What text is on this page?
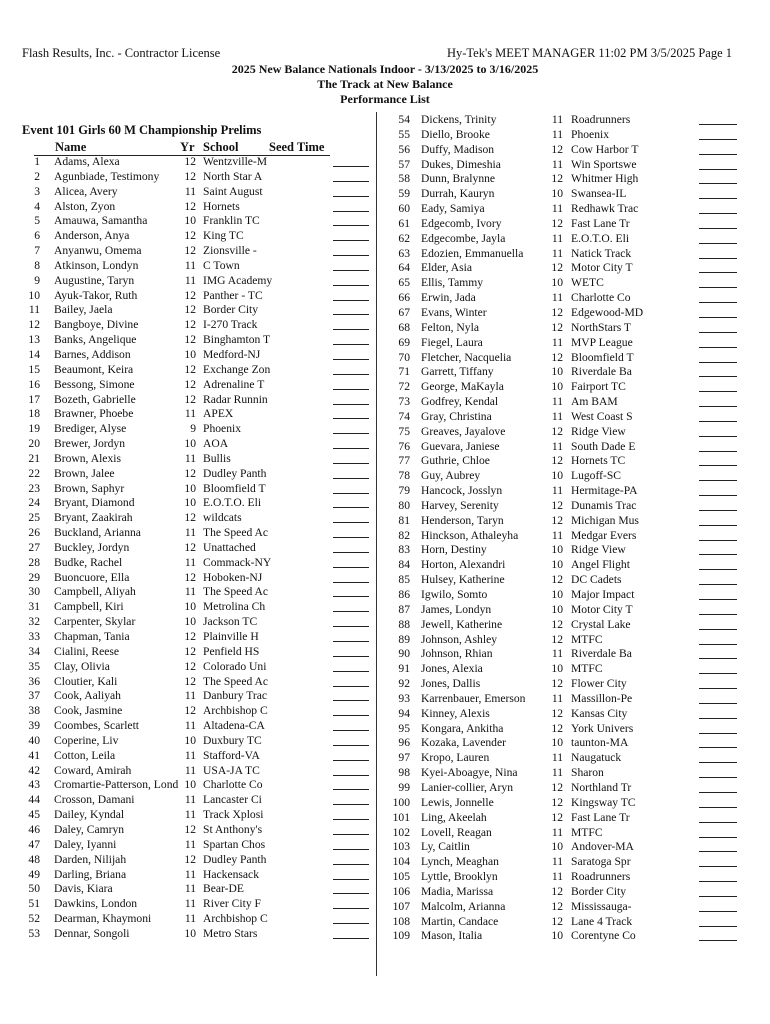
Flash Results, Inc. - Contractor License	Hy-Tek's MEET MANAGER 11:02 PM 3/5/2025 Page 1
2025 New Balance Nationals Indoor - 3/13/2025 to 3/16/2025
The Track at New Balance
Performance List
Event 101 Girls 60 M Championship Prelims
Name	Yr School Seed Time
1 Adams, Alexa	12 Wentzville-M
2 Agunbiade, Testimony	12 North Star A
3 Alicea, Avery	11 Saint August
4 Alston, Zyon	12 Hornets
5 Amauwa, Samantha	10 Franklin TC
6 Anderson, Anya	12 King TC
7 Anyanwu, Omema	12 Zionsville -
8 Atkinson, Londyn	11 C Town
9 Augustine, Taryn	11 IMG Academy
10 Ayuk-Takor, Ruth	12 Panther - TC
11 Bailey, Jaela	12 Border City
12 Bangboye, Divine	12 I-270 Track
13 Banks, Angelique	12 Binghamton T
14 Barnes, Addison	10 Medford-NJ
15 Beaumont, Keira	12 Exchange Zon
16 Bessong, Simone	12 Adrenaline T
17 Bozeth, Gabrielle	12 Radar Runnin
18 Brawner, Phoebe	11 APEX
19 Brediger, Alyse	9 Phoenix
20 Brewer, Jordyn	10 AOA
21 Brown, Alexis	11 Bullis
22 Brown, Jalee	12 Dudley Panth
23 Brown, Saphyr	10 Bloomfield T
24 Bryant, Diamond	10 E.O.T.O. Eli
25 Bryant, Zaakirah	12 wildcats
26 Buckland, Arianna	11 The Speed Ac
27 Buckley, Jordyn	12 Unattached
28 Budke, Rachel	11 Commack-NY
29 Buoncuore, Ella	12 Hoboken-NJ
30 Campbell, Aliyah	11 The Speed Ac
31 Campbell, Kiri	10 Metrolina Ch
32 Carpenter, Skylar	10 Jackson TC
33 Chapman, Tania	12 Plainville H
34 Cialini, Reese	12 Penfield HS
35 Clay, Olivia	12 Colorado Uni
36 Cloutier, Kali	12 The Speed Ac
37 Cook, Aaliyah	11 Danbury Trac
38 Cook, Jasmine	12 Archbishop C
39 Coombes, Scarlett	11 Altadena-CA
40 Coperine, Liv	10 Duxbury TC
41 Cotton, Leila	11 Stafford-VA
42 Coward, Amirah	11 USA-JA TC
43 Cromartie-Patterson, Lond 10 Charlotte Co
44 Crosson, Damani	11 Lancaster Ci
45 Dailey, Kyndal	11 Track Xplosi
46 Daley, Camryn	12 St Anthony's
47 Daley, Iyanni	11 Spartan Chos
48 Darden, Nilijah	12 Dudley Panth
49 Darling, Briana	11 Hackensack
50 Davis, Kiara	11 Bear-DE
51 Dawkins, London	11 River City F
52 Dearman, Khaymoni	11 Archbishop C
53 Dennar, Songoli	10 Metro Stars
54 Dickens, Trinity	11 Roadrunners
55 Diello, Brooke	11 Phoenix
56 Duffy, Madison	12 Cow Harbor T
57 Dukes, Dimeshia	11 Win Sportswe
58 Dunn, Bralynne	12 Whitmer High
59 Durrah, Kauryn	10 Swansea-IL
60 Eady, Samiya	11 Redhawk Trac
61 Edgecomb, Ivory	12 Fast Lane Tr
62 Edgecombe, Jayla	11 E.O.T.O. Eli
63 Edozien, Emmanuella	11 Natick Track
64 Elder, Asia	12 Motor City T
65 Ellis, Tammy	10 WETC
66 Erwin, Jada	11 Charlotte Co
67 Evans, Winter	12 Edgewood-MD
68 Felton, Nyla	12 NorthStars T
69 Fiegel, Laura	11 MVP League
70 Fletcher, Nacquelia	12 Bloomfield T
71 Garrett, Tiffany	10 Riverdale Ba
72 George, MaKayla	10 Fairport TC
73 Godfrey, Kendal	11 Am BAM
74 Gray, Christina	11 West Coast S
75 Greaves, Jayalove	12 Ridge View
76 Guevara, Janiese	11 South Dade E
77 Guthrie, Chloe	12 Hornets TC
78 Guy, Aubrey	10 Lugoff-SC
79 Hancock, Josslyn	11 Hermitage-PA
80 Harvey, Serenity	12 Dunamis Trac
81 Henderson, Taryn	12 Michigan Mus
82 Hinckson, Athaleyha	11 Medgar Evers
83 Horn, Destiny	10 Ridge View
84 Horton, Alexandri	10 Angel Flight
85 Hulsey, Katherine	12 DC Cadets
86 Igwilo, Somto	10 Major Impact
87 James, Londyn	10 Motor City T
88 Jewell, Katherine	12 Crystal Lake
89 Johnson, Ashley	12 MTFC
90 Johnson, Rhian	11 Riverdale Ba
91 Jones, Alexia	10 MTFC
92 Jones, Dallis	12 Flower City
93 Karrenbauer, Emerson	11 Massillon-Pe
94 Kinney, Alexis	12 Kansas City
95 Kongara, Ankitha	12 York Univers
96 Kozaka, Lavender	10 taunton-MA
97 Kropo, Lauren	11 Naugatuck
98 Kyei-Aboagye, Nina	11 Sharon
99 Lanier-collier, Aryn	12 Northland Tr
100 Lewis, Jonnelle	12 Kingsway TC
101 Ling, Akeelah	12 Fast Lane Tr
102 Lovell, Reagan	11 MTFC
103 Ly, Caitlin	10 Andover-MA
104 Lynch, Meaghan	11 Saratoga Spr
105 Lyttle, Brooklyn	11 Roadrunners
106 Madia, Marissa	12 Border City
107 Malcolm, Arianna	12 Mississauga-
108 Martin, Candace	12 Lane 4 Track
109 Mason, Italia	10 Corentyne Co
